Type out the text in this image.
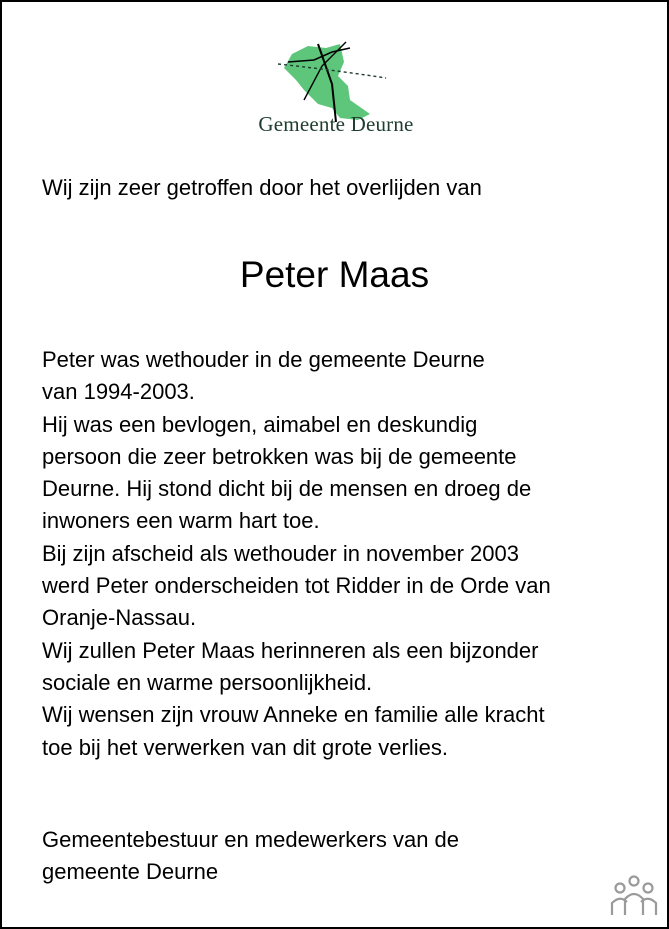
Gemeente Deurne
Wij zijn zeer getroffen door het overlijden van
Peter Maas
Peter was wethouder in de gemeente Deurne
van 1994-2003.
Hij was een bevlogen, aimabel en deskundig
persoon die zeer betrokken was bij de gemeente
Deurne. Hij stond dicht bij de mensen en droeg de
inwoners een warm hart toe.
Bij zijn afscheid als wethouder in november 2003
werd Peter onderscheiden tot Ridder in de Orde van
Oranje-Nassau.
Wij zullen Peter Maas herinneren als een bijzonder
sociale en warme persoonlijkheid.
Wij wensen zijn vrouw Anneke en familie alle kracht
toe bij het verwerken van dit grote verlies.
Gemeentebestuur en medewerkers van de
gemeente Deurne
